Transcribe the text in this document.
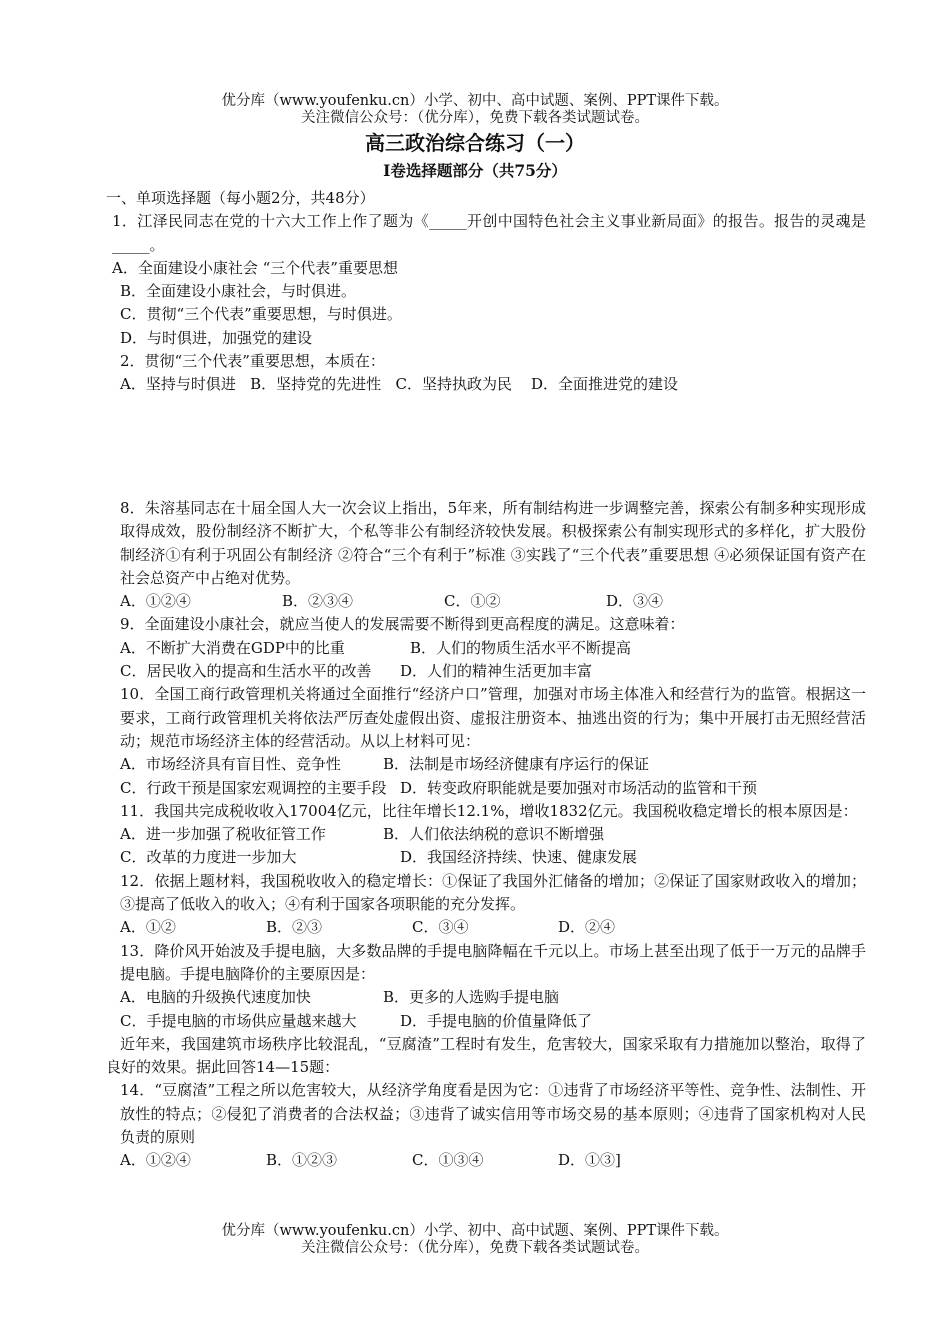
优分库（www.youfenku.cn）小学、初中、高中试题、案例、PPT课件下载。
关注微信公众号：（优分库），免费下载各类试题试卷。
高三政治综合练习（一）
I卷选择题部分（共75分）
一、单项选择题（每小题2分，共48分）
1．江泽民同志在党的十六大工作上作了题为《_____开创中国特色社会主义事业新局面》的报告。报告的灵魂是_____。
A．全面建设小康社会 “三个代表”重要思想
B．全面建设小康社会，与时俱进。
C．贯彻“三个代表”重要思想，与时俱进。
D．与时俱进，加强党的建设
2．贯彻“三个代表”重要思想，本质在：
A．坚持与时俱进   B．坚持党的先进性   C．坚持执政为民    D．全面推进党的建设
8．朱溶基同志在十届全国人大一次会议上指出，5年来，所有制结构进一步调整完善，探索公有制多种实现形成取得成效，股份制经济不断扩大，个私等非公有制经济较快发展。积极探索公有制实现形式的多样化，扩大股份制经济①有利于巩固公有制经济 ②符合“三个有利于”标准 ③实践了“三个代表”重要思想 ④必须保证国有资产在社会总资产中占绝对优势。
A．①②④	B．②③④	C．①②	D．③④
9．全面建设小康社会，就应当使人的发展需要不断得到更高程度的满足。这意味着：
A．不断扩大消费在GDP中的比重	B．人们的物质生活水平不断提高
C．居民收入的提高和生活水平的改善 D．人们的精神生活更加丰富
10．全国工商行政管理机关将通过全面推行“经济户口”管理，加强对市场主体准入和经营行为的监管。根据这一要求，工商行政管理机关将依法严厉查处虚假出资、虚报注册资本、抽逃出资的行为；集中开展打击无照经营活动；规范市场经济主体的经营活动。从以上材料可见：
A．市场经济具有盲目性、竞争性	B．法制是市场经济健康有序运行的保证
C．行政干预是国家宏观调控的主要手段 D．转变政府职能就是要加强对市场活动的监管和干预
11．我国共完成税收收入17004亿元，比往年增长12.1%，增收1832亿元。我国税收稳定增长的根本原因是：
A．进一步加强了税收征管工作	B．人们依法纳税的意识不断增强
C．改革的力度进一步加大	D．我国经济持续、快速、健康发展
12．依据上题材料，我国税收收入的稳定增长：①保证了我国外汇储备的增加；②保证了国家财政收入的增加；③提高了低收入的收入；④有利于国家各项职能的充分发挥。
A．①②	B．②③	C．③④	D．②④
13．降价风开始波及手提电脑，大多数品牌的手提电脑降幅在千元以上。市场上甚至出现了低于一万元的品牌手提电脑。手提电脑降价的主要原因是：
A．电脑的升级换代速度加快	B．更多的人选购手提电脑
C．手提电脑的市场供应量越来越大	D．手提电脑的价值量降低了
近年来，我国建筑市场秩序比较混乱，“豆腐渣”工程时有发生，危害较大，国家采取有力措施加以整治，取得了良好的效果。据此回答14—15题：
14．“豆腐渣”工程之所以危害较大，从经济学角度看是因为它：①违背了市场经济平等性、竞争性、法制性、开放性的特点；②侵犯了消费者的合法权益；③违背了诚实信用等市场交易的基本原则；④违背了国家机构对人民负责的原则
A．①②④	B．①②③	C．①③④	D．①③]
优分库（www.youfenku.cn）小学、初中、高中试题、案例、PPT课件下载。
关注微信公众号：（优分库），免费下载各类试题试卷。
